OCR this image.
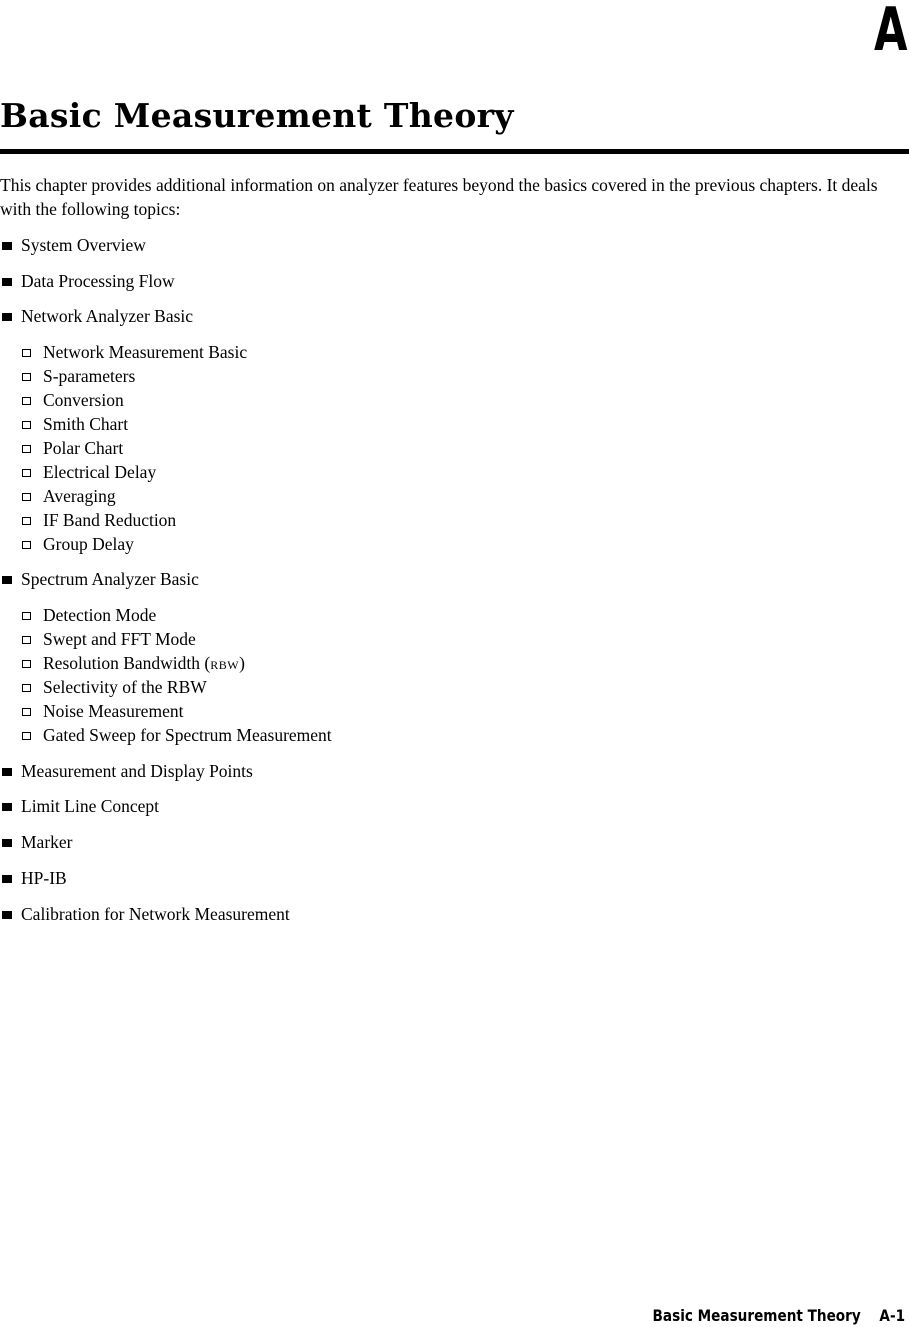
A
Basic Measurement Theory

This chapter provides additional information on analyzer features beyond the basics covered in the previous chapters. It deals with the following topics:

System Overview
Data Processing Flow
Network Analyzer Basic
Network Measurement Basic
S-parameters
Conversion
Smith Chart
Polar Chart
Electrical Delay
Averaging
IF Band Reduction
Group Delay
Spectrum Analyzer Basic
Detection Mode
Swept and FFT Mode
Resolution Bandwidth (RBW)
Selectivity of the RBW
Noise Measurement
Gated Sweep for Spectrum Measurement
Measurement and Display Points
Limit Line Concept
Marker
HP-IB
Calibration for Network Measurement
Basic Measurement Theory A-1
